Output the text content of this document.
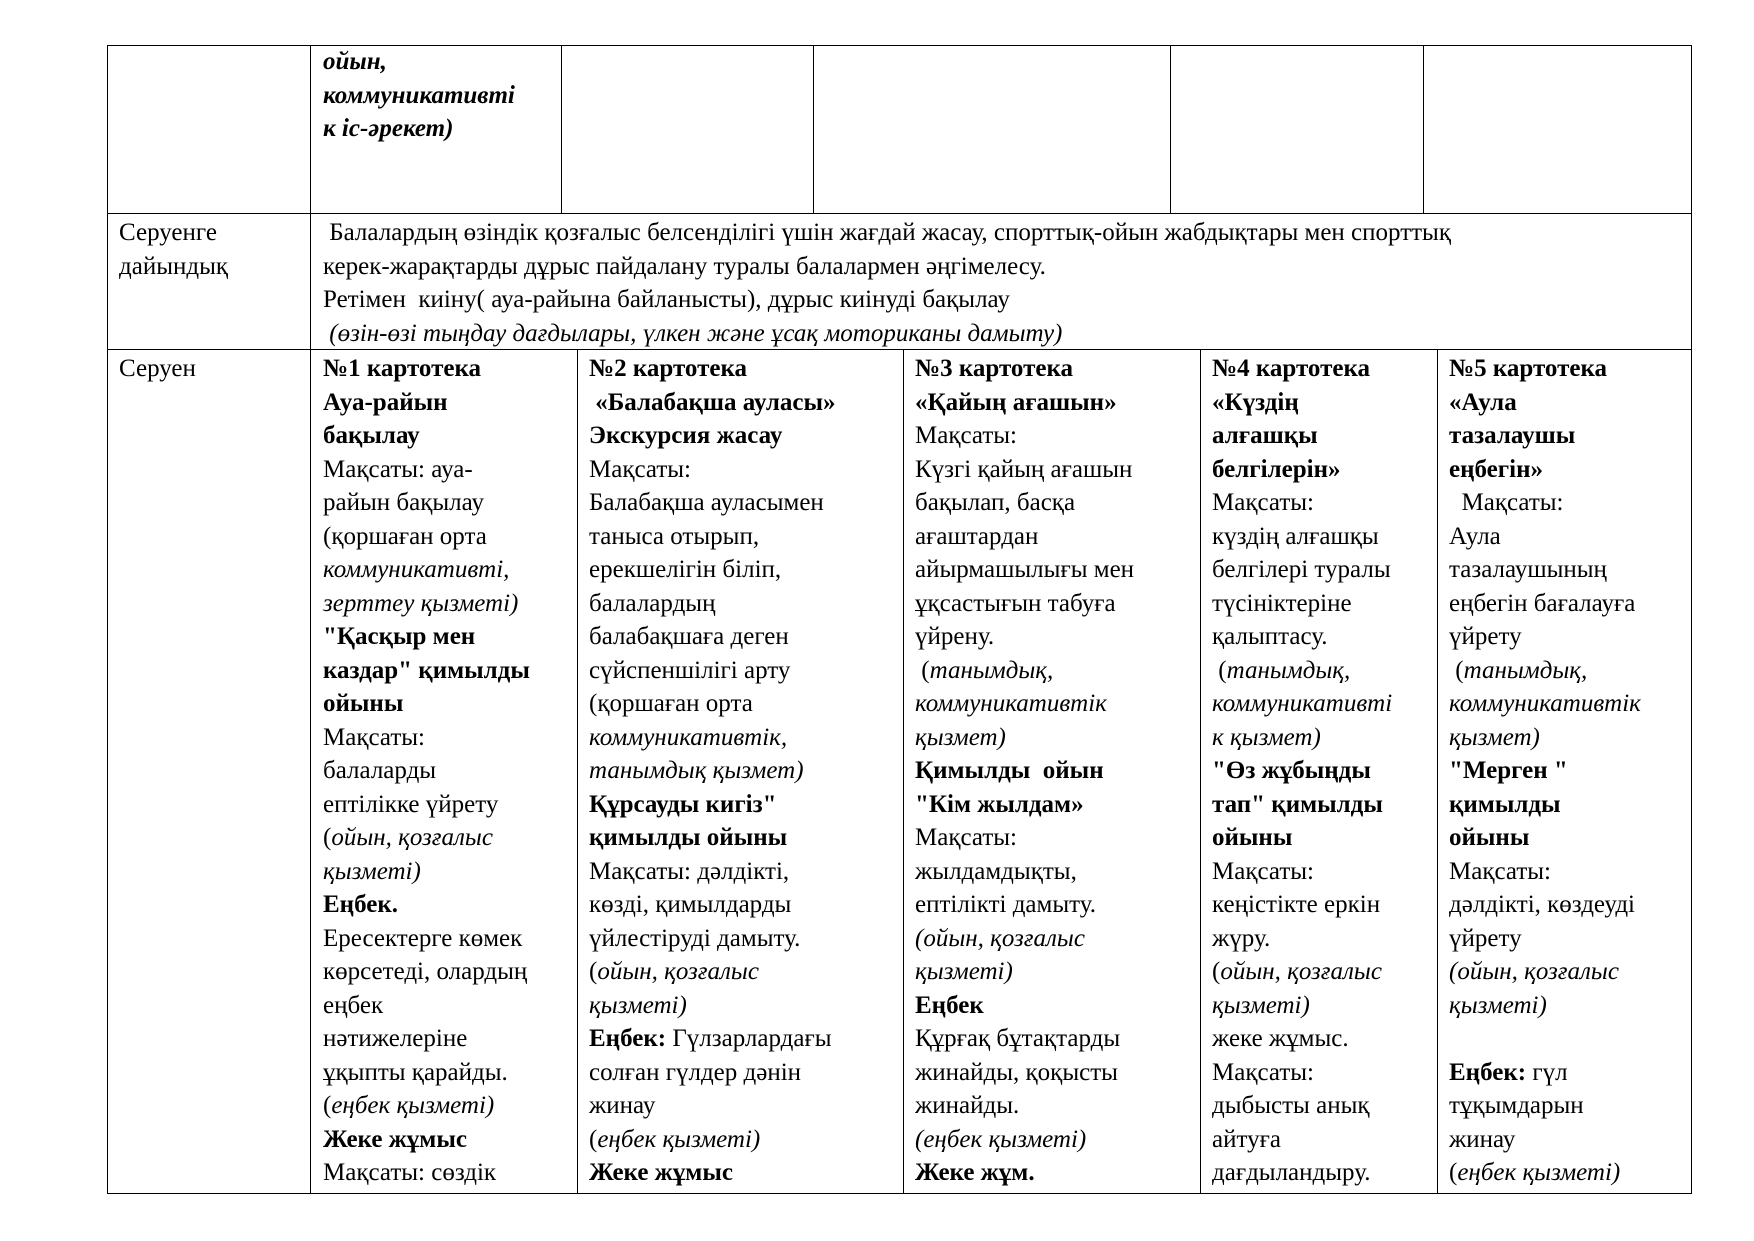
ойын,
коммуникативті
к іс-әрекет)
Серуенге
дайындық
Балалардың өзіндік қозғалыс белсенділігі үшін жағдай жасау, спорттық-ойын жабдықтары мен спорттық
керек-жарақтарды дұрыс пайдалану туралы балалармен әңгімелесу.
Ретімен  киіну( ауа-райына байланысты), дұрыс киінуді бақылау
(өзін-өзі тыңдау дағдылары, үлкен және ұсақ моториканы дамыту)
Серуен	№1 картотека
Ауа-райын
бақылау
Мақсаты: ауа-
райын бақылау
(қоршаған орта
коммуникативті,
зерттеу қызметі)
"Қасқыр мен
каздар" қимылды
ойыны
Мақсаты:
балаларды
ептілікке үйрету
(ойын, қозғалыс
қызметі)
Еңбек.
Ересектерге көмек
көрсетеді, олардың
еңбек
нәтижелеріне
ұқыпты қарайды.
(еңбек қызметі)
Жеке жұмыс
Мақсаты: сөздік
№2 картотека
«Балабақша ауласы»
Экскурсия жасау
Мақсаты:
Балабақша ауласымен
таныса отырып,
ерекшелігін біліп,
балалардың
балабақшаға деген
сүйспеншілігі арту
(қоршаған орта
коммуникативтік,
танымдық қызмет)
Құрсауды кигіз"
қимылды ойыны
Мақсаты: дәлдікті,
көзді, қимылдарды
үйлестіруді дамыту.
(ойын, қозғалыс
қызметі)
Еңбек: Гүлзарлардағы
солған гүлдер дәнін
жинау
(еңбек қызметі)
Жеке жұмыс
№3 картотека
«Қайың ағашын»
Мақсаты:
Күзгі қайың ағашын
бақылап, басқа
ағаштардан
айырмашылығы мен
ұқсастығын табуға
үйрену.
(танымдық,
коммуникативтік
қызмет)
Қимылды  ойын
"Кім жылдам»
Мақсаты:
жылдамдықты,
ептілікті дамыту.
(ойын, қозғалыс
қызметі)
Еңбек
Құрғақ бұтақтарды
жинайды, қоқысты
жинайды.
(еңбек қызметі)
Жеке жұм.
№4 картотека
«Күздің
алғашқы
белгілерін»
Мақсаты:
күздің алғашқы
белгілері туралы
түсініктеріне
қалыптасу.
(танымдық,
коммуникативті
к қызмет)
"Өз жұбыңды
тап" қимылды
ойыны
Мақсаты:
кеңістікте еркін
жүру.
(ойын, қозғалыс
қызметі)
жеке жұмыс.
Мақсаты:
дыбысты анық
айтуға
дағдыландыру.
№5 картотека
«Аула
тазалаушы
еңбегін»
Мақсаты:
Аула
тазалаушының
еңбегін бағалауға
үйрету
(танымдық,
коммуникативтік
қызмет)
"Мерген "
қимылды
ойыны
Мақсаты:
дәлдікті, көздеуді
үйрету
(ойын, қозғалыс
қызметі)

Еңбек: гүл
тұқымдарын
жинау
(еңбек қызметі)
